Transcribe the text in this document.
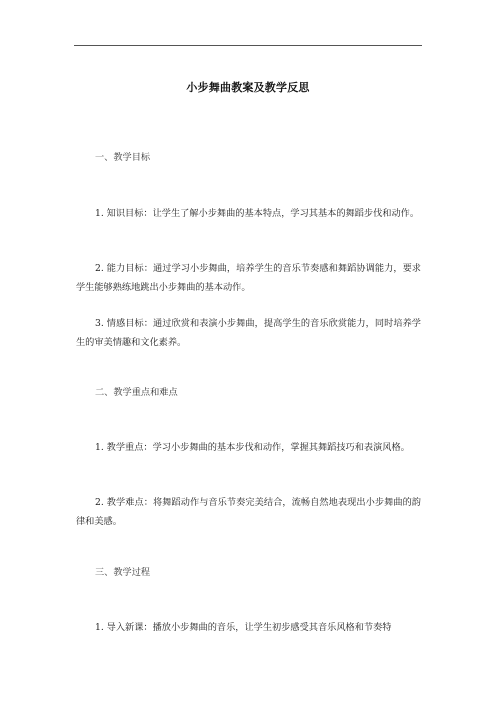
小步舞曲教案及教学反思
一、教学目标

1. 知识目标：让学生了解小步舞曲的基本特点，学习其基本的舞蹈步伐和动作。

2. 能力目标：通过学习小步舞曲，培养学生的音乐节奏感和舞蹈协调能力，要求学生能够熟练地跳出小步舞曲的基本动作。

3. 情感目标：通过欣赏和表演小步舞曲，提高学生的音乐欣赏能力，同时培养学生的审美情趣和文化素养。

二、教学重点和难点

1. 教学重点：学习小步舞曲的基本步伐和动作，掌握其舞蹈技巧和表演风格。

2. 教学难点：将舞蹈动作与音乐节奏完美结合，流畅自然地表现出小步舞曲的韵律和美感。

三、教学过程

1. 导入新课：播放小步舞曲的音乐，让学生初步感受其音乐风格和节奏特
